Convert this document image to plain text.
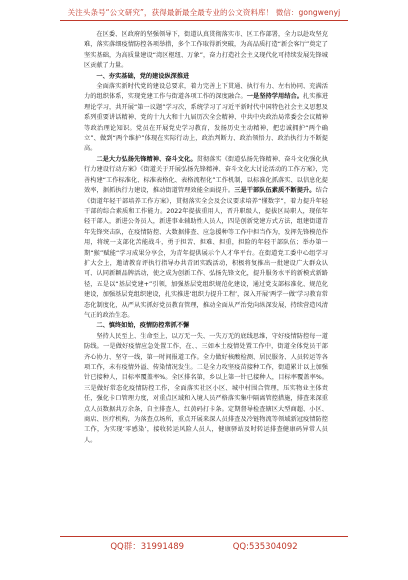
关注头条号“公文研究”，获得最新最全最专业的公文资料库！ 微信：gongwenyj

在区委、区政府的坚强领导下，街道认真贯彻落实市、区工作部署，全力以赴攻坚克难，落实落细疫情防控各项举措，多个工作取得新突破，为高品质打造“新会客厅”奠定了坚实基础，为高质量建设“湾区枢纽、万象”，奋力打造社会主义现代化可持续发展先锋城区贡献了力量。

一、夯实基础，党的建设纵深推进

全面落实新时代党的建设总要求，着力完善上下贯通、执行有力、左右协同、充满活力的组织体系，实现党建工作与街道各项工作的深度融合。一是坚持学用结合。扎实推进理论学习，共开展“第一议题”学习次，系统学习了习近平新时代中国特色社会主义思想及系列重要讲话精神、党的十九大和十九届历次全会精神、中共中央政治局常委会会议精神等政治理论知识。党员在开展党史学习教育，发扬历史主动精神，把忠诚拥护“两个确立”、做到“两个维护”体现在实际行动上，政治判断力、政治领悟力、政治执行力不断提高。

二是大力弘扬先锋精神、奋斗文化。贯彻落实《街道弘扬先锋精神、奋斗文化强化执行力建设行动方案》《街道关于开展弘扬先锋精神、奋斗文化大讨论活动的工作方案》，完善构建“工作标准化、标准表格化、表格流程化”工作机制，以标准化抓落实、以信息化提效率，据抓执行力建设，推动街道管理效能全面提升。三是干部队伍素质不断提升。结合《街道年轻干部培养工作方案》，贯彻落实全会及会议要求培养“懂数字”，着力提升年轻干部的综合素质和工作能力。2022年提拔重用人，晋升职级人，提拔区局职人，现依年轻干部人，新进公务员人，新进事业辅助性人员人，四是创新党建方式方法，组建街道青年先锋突击队，在疫情防控、大数据排查、应急援种等工作中担当作为，发挥先锋模范作用，将统一支部化苦能战斗，勇于担苦、担难、担重，担险的年轻干部队伍；举办第一期“猴”赋能“学习成果分享会，为青年提供展示个人才华平台。在街道党工委中心组学习扩大会上，邀请教育评执行指导办共青团实践活动，积极将复推出一批建设广大群众认可、认同新颖品牌活动，使之成为创新工作、弘扬先锋文化，提升服务水平的新模式新路径，五是以“基层党建+”引领，加强基层党组织规范化建设，通过党支部标准化、规范化建设，加强基层党组织建设，扎实推进‘组织力提升工程’，深入开展‘两学一做’学习教育常态化制度化，从严从实抓好党员教育管理，推动全面从严治党向纵深发展，持续营造风清气正的政治生态。

二、慎终如始，疫情防控常抓不懈

坚持人民至上、生命至上，以万无一失、一失万无的底线思维，守好疫情防控每一道防线。一是做好疫情应急处置工作，在、、三如本土疫情处置工作中，街道全体党员干部齐心协力、坚守一线，第一时间报道工作。全力做好核酸检测、居民服务、人员转运等各项工作，未有疫情外溢、传染情况发生。二是全力攻坚疫苗接种工作，街道累计以上加强针已接种人，目标率覆盖率%。全区排名第，乡以上第一针已接种人，目标率覆盖率%。三是做好常态化疫情防控工作，全面落实社区小区、城中村围合管理，压实物业主体责任，强化卡口管理力度，对重点区域和入境人员严格落实集中隔离管控措施，排查来深重点人员数据共万余条，自主排查人，红黄码打卡条。定期督导检查辖区大型商超、小区、商店、医疗机构，为落查点场所，重点开展来深人员排查及冷链物流等领域新冠疫情防控工作，为实现‘零感染’，接收转运风险人员人，健康驿站及时转运排查健康码异常人员人。

QQ群：31991489	QQ:535304092
